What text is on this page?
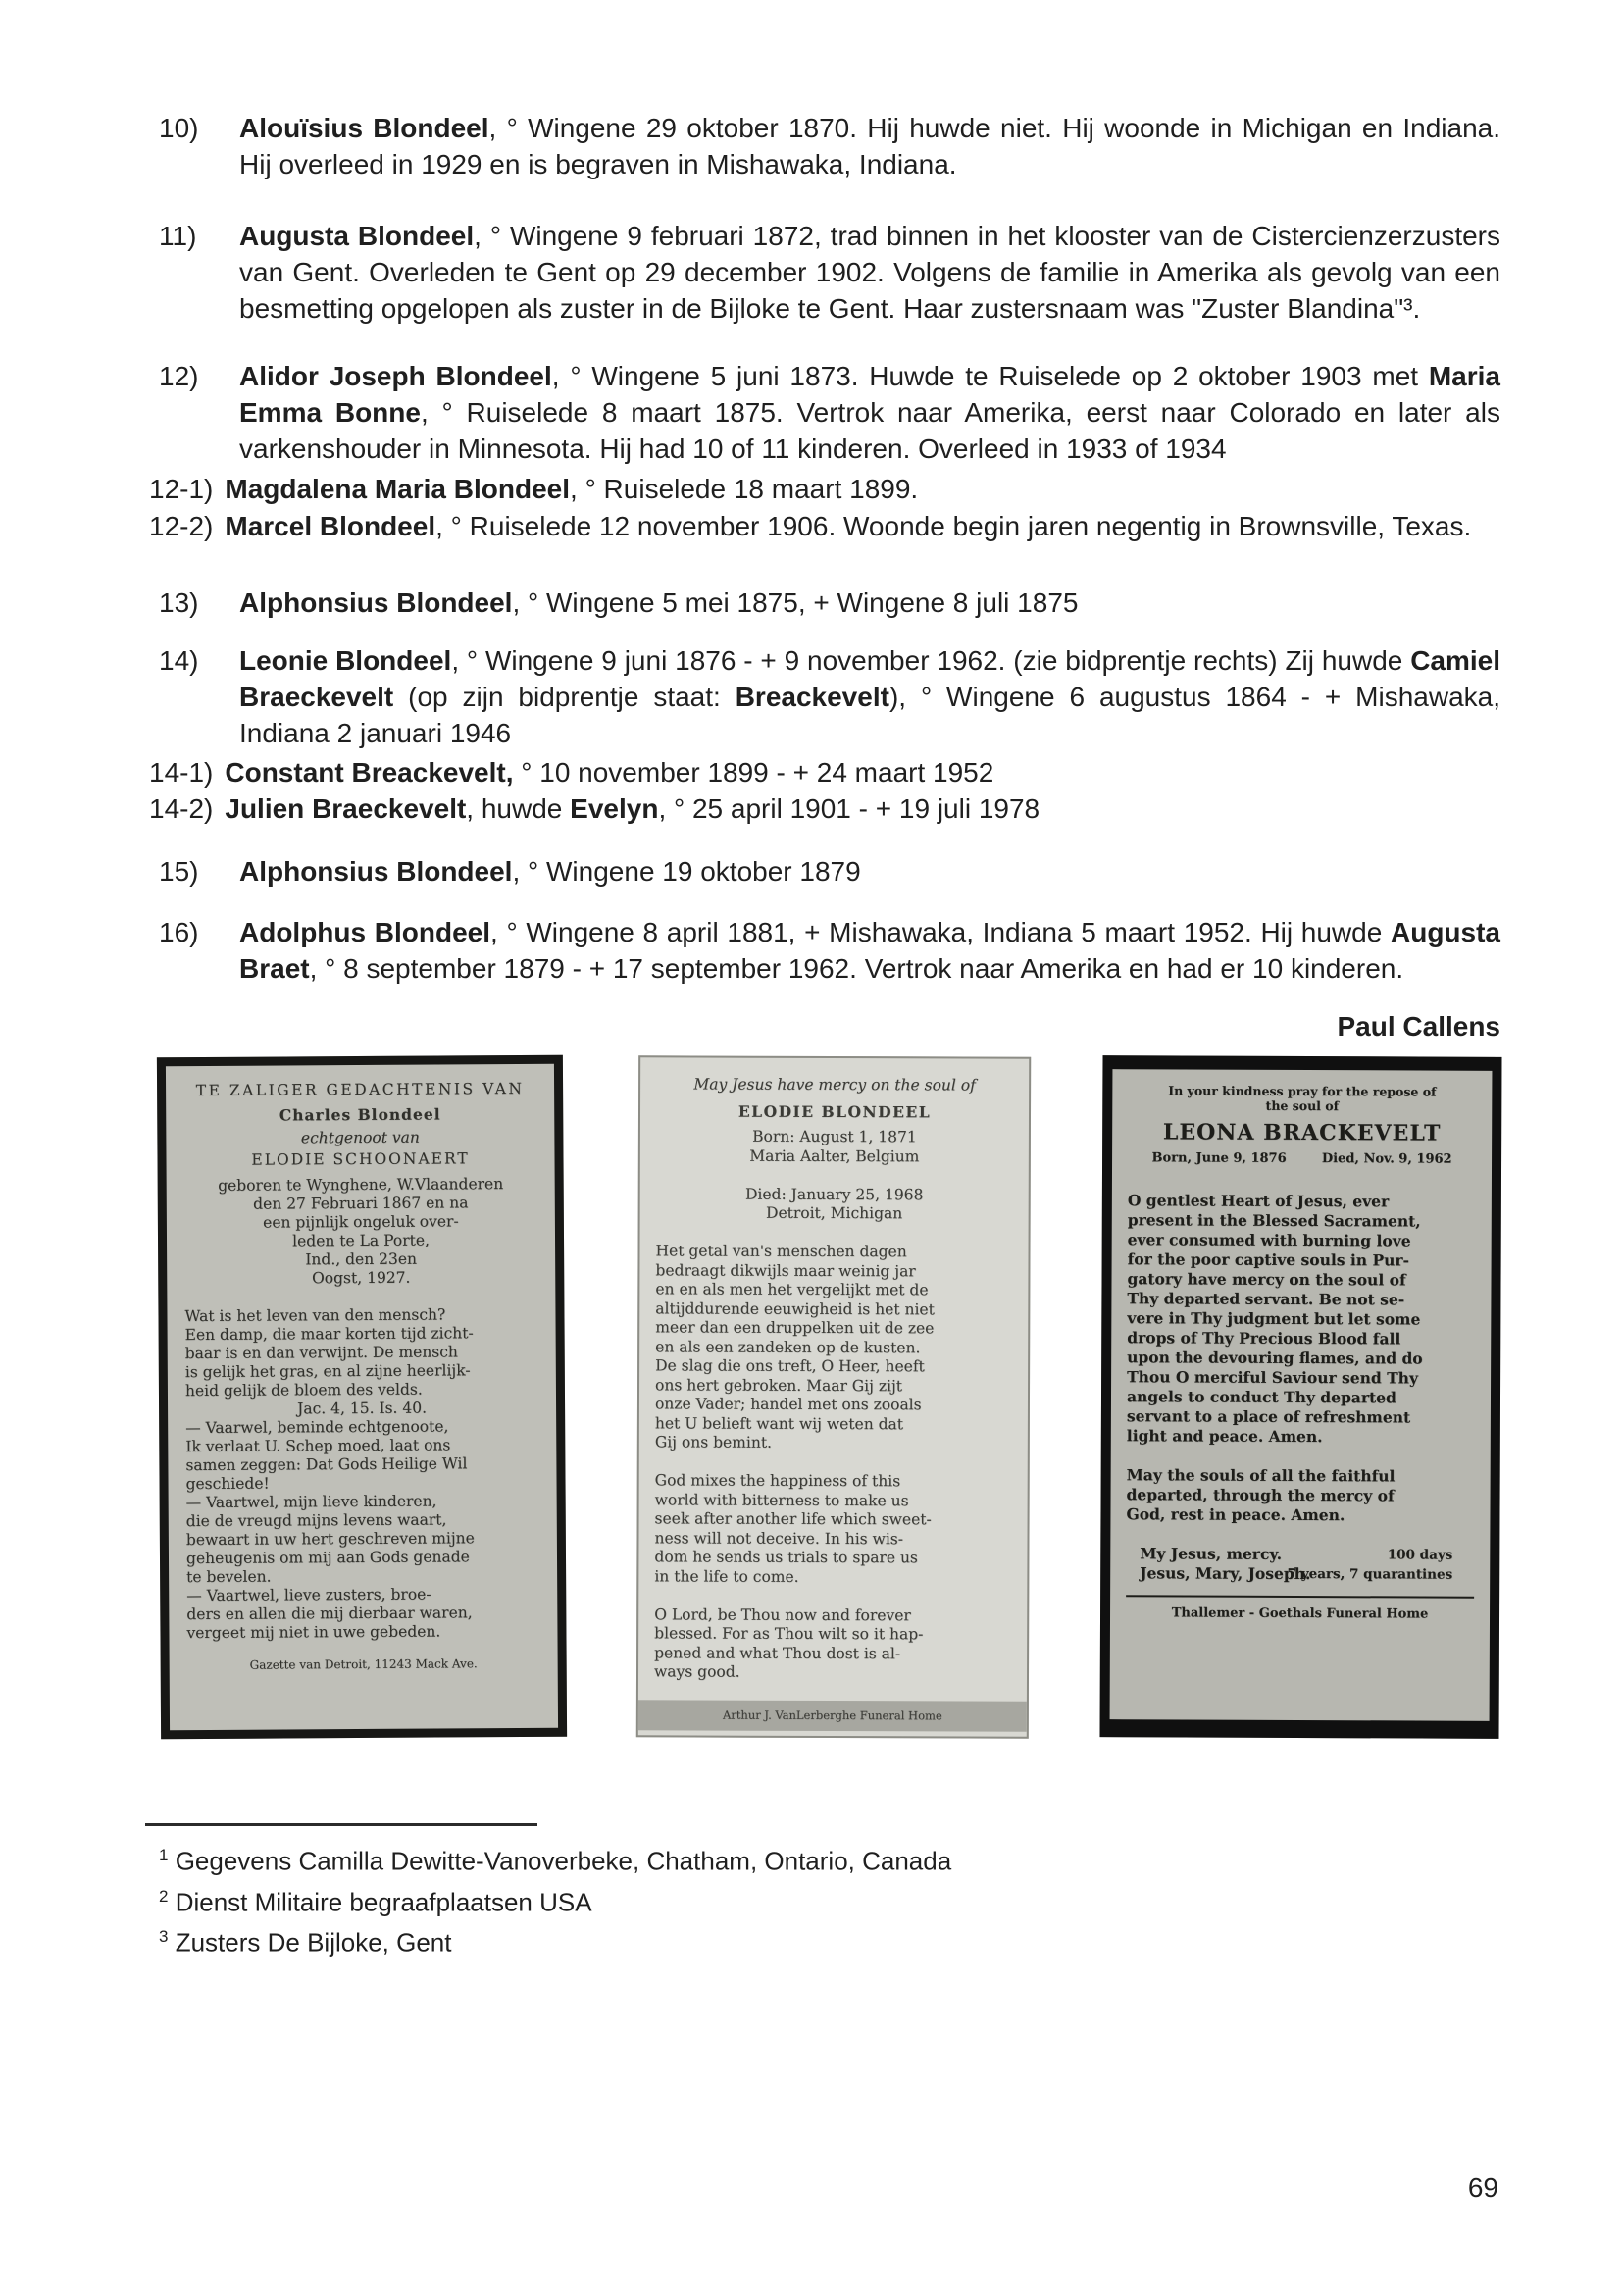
10) Alouïsius Blondeel, ° Wingene 29 oktober 1870. Hij huwde niet. Hij woonde in Michigan en Indiana. Hij overleed in 1929 en is begraven in Mishawaka, Indiana.

11) Augusta Blondeel, ° Wingene 9 februari 1872, trad binnen in het klooster van de Cistercienzerzusters van Gent. Overleden te Gent op 29 december 1902. Volgens de familie in Amerika als gevolg van een besmetting opgelopen als zuster in de Bijloke te Gent. Haar zustersnaam was "Zuster Blandina"³.

12) Alidor Joseph Blondeel, ° Wingene 5 juni 1873. Huwde te Ruiselede op 2 oktober 1903 met Maria Emma Bonne, ° Ruiselede 8 maart 1875. Vertrok naar Amerika, eerst naar Colorado en later als varkenshouder in Minnesota. Hij had 10 of 11 kinderen. Overleed in 1933 of 1934

12-1) Magdalena Maria Blondeel, ° Ruiselede 18 maart 1899.

12-2) Marcel Blondeel, ° Ruiselede 12 november 1906. Woonde begin jaren negentig in Brownsville, Texas.

13) Alphonsius Blondeel, ° Wingene 5 mei 1875, + Wingene 8 juli 1875

14) Leonie Blondeel, ° Wingene 9 juni 1876 - + 9 november 1962. (zie bidprentje rechts) Zij huwde Camiel Braeckevelt (op zijn bidprentje staat: Breackevelt), ° Wingene 6 augustus 1864 - + Mishawaka, Indiana 2 januari 1946

14-1) Constant Breackevelt, ° 10 november 1899 - + 24 maart 1952

14-2) Julien Braeckevelt, huwde Evelyn, ° 25 april 1901 - + 19 juli 1978

15) Alphonsius Blondeel, ° Wingene 19 oktober 1879

16) Adolphus Blondeel, ° Wingene 8 april 1881, + Mishawaka, Indiana 5 maart 1952. Hij huwde Augusta Braet, ° 8 september 1879 - + 17 september 1962. Vertrok naar Amerika en had er 10 kinderen.

Paul Callens

TE ZALIGER GEDACHTENIS VAN
Charles Blondeel
echtgenoot van
ELODIE SCHOONAERT
geboren te Wynghene, W.Vlaanderen
den 27 Februari 1867 en na
een pijnlijk ongeluk over-
leden te La Porte,
Ind., den 23en
Oogst, 1927.

Wat is het leven van den mensch?
Een damp, die maar korten tijd zicht-
baar is en dan verwijnt. De mensch
is gelijk het gras, en al zijne heerlijk-
heid gelijk de bloem des velds.
Jac. 4, 15. Is. 40.
— Vaarwel, beminde echtgenoote,
Ik verlaat U. Schep moed, laat ons
samen zeggen: Dat Gods Heilige Wil
geschiede!
— Vaartwel, mijn lieve kinderen,
die de vreugd mijns levens waart,
bewaart in uw hert geschreven mijne
geheugenis om mij aan Gods genade
te bevelen.
— Vaartwel, lieve zusters, broe-
ders en allen die mij dierbaar waren,
vergeet mij niet in uwe gebeden.
Gazette van Detroit, 11243 Mack Ave.
May Jesus have mercy on the soul of
ELODIE BLONDEEL
Born: August 1, 1871
Maria Aalter, Belgium

Died: January 25, 1968
Detroit, Michigan

Het getal van's menschen dagen
bedraagt dikwijls maar weinig jar
en en als men het vergelijkt met de
altijddurende eeuwigheid is het niet
meer dan een druppelken uit de zee
en als een zandeken op de kusten.
De slag die ons treft, O Heer, heeft
ons hert gebroken. Maar Gij zijt
onze Vader; handel met ons zooals
het U belieft want wij weten dat
Gij ons bemint.

God mixes the happiness of this
world with bitterness to make us
seek after another life which sweet-
ness will not deceive. In his wis-
dom he sends us trials to spare us
in the life to come.

O Lord, be Thou now and forever
blessed. For as Thou wilt so it hap-
pened and what Thou dost is al-
ways good.
Arthur J. VanLerberghe Funeral Home
In your kindness pray for the repose of
the soul of
LEONA BRACKEVELT
Born, June 9, 1876        Died, Nov. 9, 1962

O gentlest Heart of Jesus, ever
present in the Blessed Sacrament,
ever consumed with burning love
for the poor captive souls in Pur-
gatory have mercy on the soul of
Thy departed servant. Be not se-
vere in Thy judgment but let some
drops of Thy Precious Blood fall
upon the devouring flames, and do
Thou O merciful Saviour send Thy
angels to conduct Thy departed
servant to a place of refreshment
light and peace. Amen.

May the souls of all the faithful
departed, through the mercy of
God, rest in peace. Amen.

My Jesus, mercy.	100 days
Jesus, Mary, Joseph.
7 years, 7 quarantines
Thallemer - Goethals Funeral Home

$^1$ Gegevens Camilla Dewitte-Vanoverbeke, Chatham, Ontario, Canada

$^2$ Dienst Militaire begraafplaatsen USA

$^3$ Zusters De Bijloke, Gent

69
